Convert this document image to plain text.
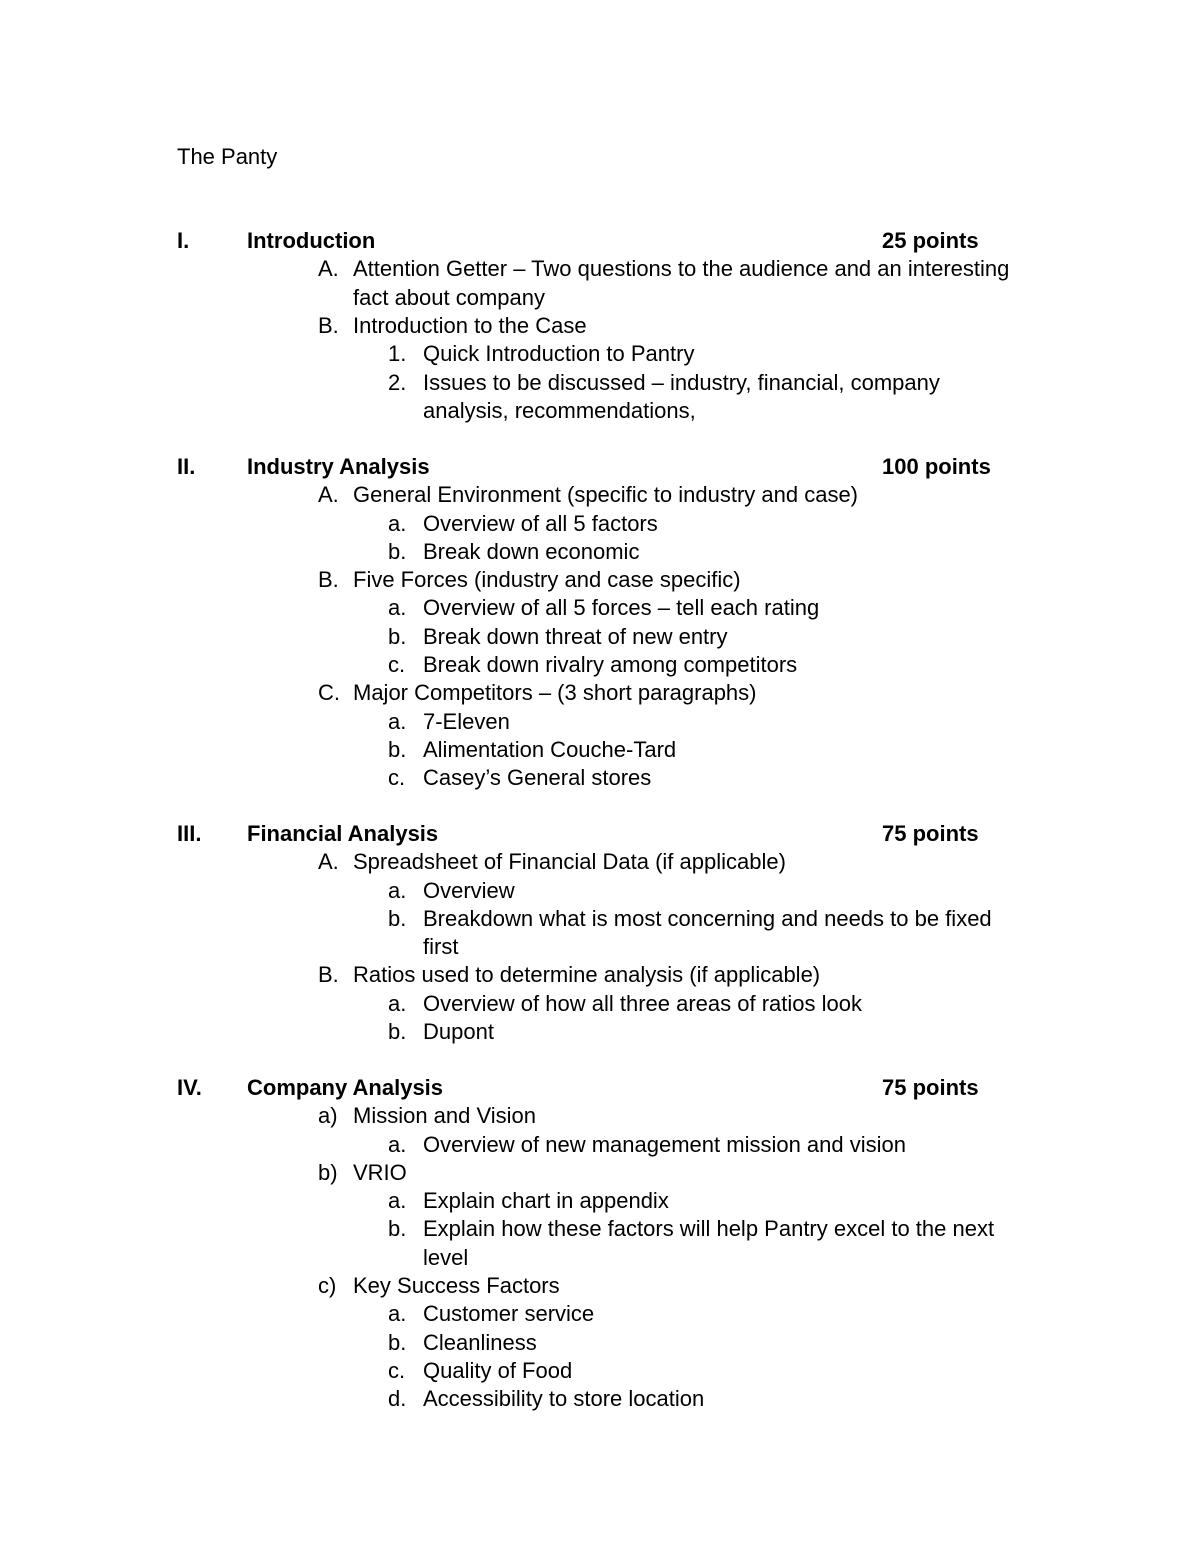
The Panty
I.	Introduction	25 points
A. Attention Getter – Two questions to the audience and an interesting
fact about company
B. Introduction to the Case
1. Quick Introduction to Pantry
2. Issues to be discussed – industry, financial, company
analysis, recommendations,
II. Industry Analysis	100 points
A. General Environment (specific to industry and case)
a. Overview of all 5 factors
b. Break down economic
B. Five Forces (industry and case specific)
a. Overview of all 5 forces – tell each rating
b. Break down threat of new entry
c. Break down rivalry among competitors
C. Major Competitors – (3 short paragraphs)
a. 7-Eleven
b. Alimentation Couche-Tard
c. Casey’s General stores
III. Financial Analysis	75 points
A. Spreadsheet of Financial Data (if applicable)
a. Overview
b. Breakdown what is most concerning and needs to be fixed
first
B. Ratios used to determine analysis (if applicable)
a. Overview of how all three areas of ratios look
b. Dupont
IV. Company Analysis	75 points
a) Mission and Vision
a. Overview of new management mission and vision
b) VRIO
a. Explain chart in appendix
b. Explain how these factors will help Pantry excel to the next
level
c) Key Success Factors
a. Customer service
b. Cleanliness
c. Quality of Food
d. Accessibility to store location
